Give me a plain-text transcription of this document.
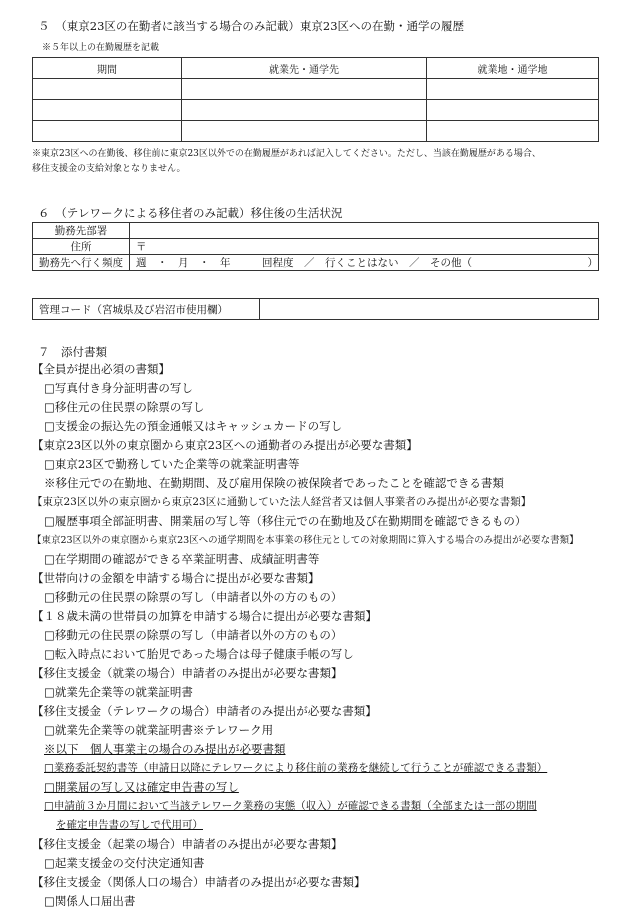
５　（東京23区の在勤者に該当する場合のみ記載）東京23区への在勤・通学の履歴
※５年以上の在勤履歴を記載
期間	就業先・通学先	就業地・通学地

※東京23区への在勤後、移住前に東京23区以外での在勤履歴があれば記入してください。ただし、当該在勤履歴がある場合、
移住支援金の支給対象となりません。
６　（テレワークによる移住者のみ記載）移住後の生活状況
勤務先部署	
住所	〒
勤務先へ行く頻度	週　・　月　・　年　　　回程度　／　行くことはない　／　その他（　　　　　　　　　　　）
管理コード（宮城県及び岩沼市使用欄）	
７　添付書類
【全員が提出必須の書類】
□写真付き身分証明書の写し
□移住元の住民票の除票の写し
□支援金の振込先の預金通帳又はキャッシュカードの写し
【東京23区以外の東京圏から東京23区への通勤者のみ提出が必要な書類】
□東京23区で勤務していた企業等の就業証明書等
※移住元での在勤地、在勤期間、及び雇用保険の被保険者であったことを確認できる書類
【東京23区以外の東京圏から東京23区に通勤していた法人経営者又は個人事業者のみ提出が必要な書類】
□履歴事項全部証明書、開業届の写し等（移住元での在勤地及び在勤期間を確認できるもの）
【東京23区以外の東京圏から東京23区への通学期間を本事業の移住元としての対象期間に算入する場合のみ提出が必要な書類】
□在学期間の確認ができる卒業証明書、成績証明書等
【世帯向けの金額を申請する場合に提出が必要な書類】
□移動元の住民票の除票の写し（申請者以外の方のもの）
【１８歳未満の世帯員の加算を申請する場合に提出が必要な書類】
□移動元の住民票の除票の写し（申請者以外の方のもの）
□転入時点において胎児であった場合は母子健康手帳の写し
【移住支援金（就業の場合）申請者のみ提出が必要な書類】
□就業先企業等の就業証明書
【移住支援金（テレワークの場合）申請者のみ提出が必要な書類】
□就業先企業等の就業証明書※テレワーク用
※以下　個人事業主の場合のみ提出が必要書類
□業務委託契約書等（申請日以降にテレワークにより移住前の業務を継続して行うことが確認できる書類）
□開業届の写し又は確定申告書の写し
□申請前３か月間において当該テレワーク業務の実態（収入）が確認できる書類（全部または一部の期間
を確定申告書の写しで代用可）
【移住支援金（起業の場合）申請者のみ提出が必要な書類】
□起業支援金の交付決定通知書
【移住支援金（関係人口の場合）申請者のみ提出が必要な書類】
□関係人口届出書
